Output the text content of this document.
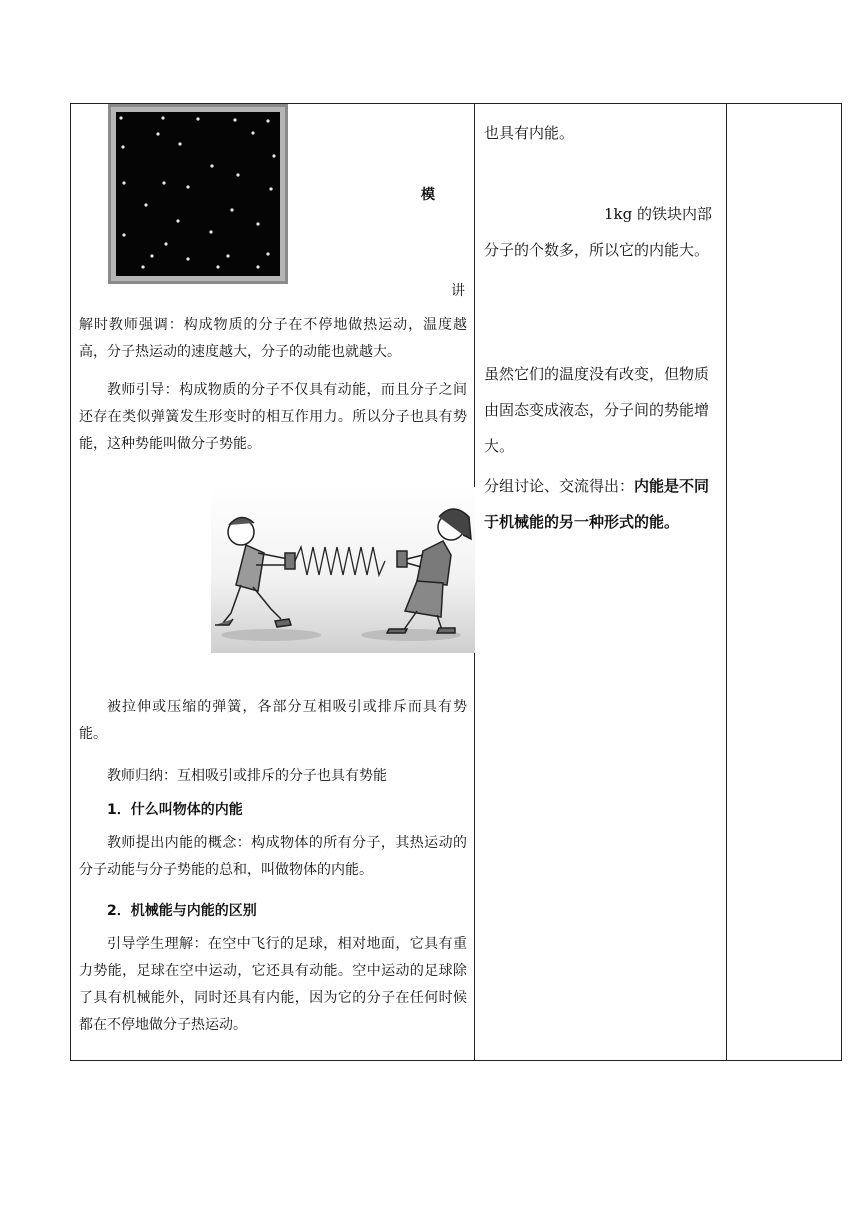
模
讲

解时教师强调：构成物质的分子在不停地做热运动，温度越高，分子热运动的速度越大，分子的动能也就越大。

教师引导：构成物质的分子不仅具有动能，而且分子之间还存在类似弹簧发生形变时的相互作用力。所以分子也具有势能，这种势能叫做分子势能。

被拉伸或压缩的弹簧，各部分互相吸引或排斥而具有势能。

教师归纳：互相吸引或排斥的分子也具有势能

1．什么叫物体的内能

教师提出内能的概念：构成物体的所有分子，其热运动的分子动能与分子势能的总和，叫做物体的内能。

2．机械能与内能的区别

引导学生理解：在空中飞行的足球，相对地面，它具有重力势能，足球在空中运动，它还具有动能。空中运动的足球除了具有机械能外，同时还具有内能，因为它的分子在任何时候都在不停地做分子热运动。

也具有内能。

1kg 的铁块内部分子的个数多，所以它的内能大。

虽然它们的温度没有改变，但物质由固态变成液态，分子间的势能增大。

分组讨论、交流得出：内能是不同于机械能的另一种形式的能。
